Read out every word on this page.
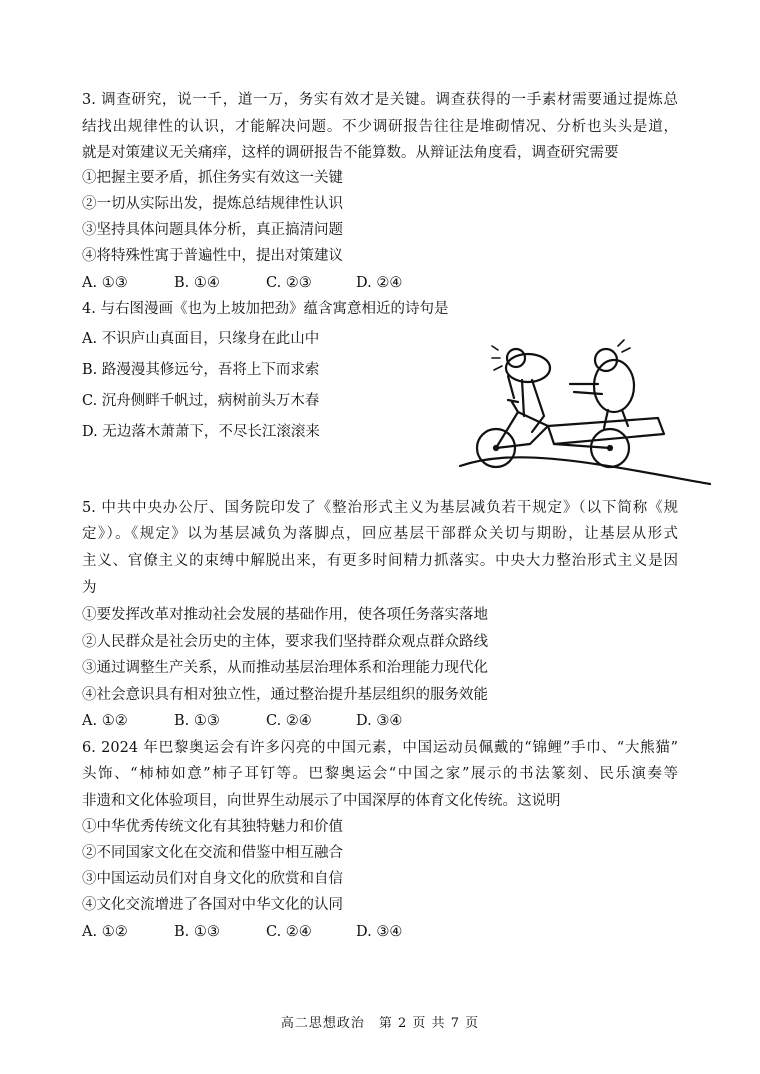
3. 调查研究，说一千，道一万，务实有效才是关键。调查获得的一手素材需要通过提炼总
结找出规律性的认识，才能解决问题。不少调研报告往往是堆砌情况、分析也头头是道，
就是对策建议无关痛痒，这样的调研报告不能算数。从辩证法角度看，调查研究需要
①把握主要矛盾，抓住务实有效这一关键
②一切从实际出发，提炼总结规律性认识
③坚持具体问题具体分析，真正搞清问题
④将特殊性寓于普遍性中，提出对策建议
A. ①③	B. ①④	C. ②③	D. ②④
4. 与右图漫画《也为上坡加把劲》蕴含寓意相近的诗句是
A. 不识庐山真面目，只缘身在此山中
B. 路漫漫其修远兮，吾将上下而求索
C. 沉舟侧畔千帆过，病树前头万木春
D. 无边落木萧萧下，不尽长江滚滚来
5. 中共中央办公厅、国务院印发了《整治形式主义为基层减负若干规定》（以下简称《规
定》）。《规定》以为基层减负为落脚点，回应基层干部群众关切与期盼，让基层从形式
主义、官僚主义的束缚中解脱出来，有更多时间精力抓落实。中央大力整治形式主义是因
为
①要发挥改革对推动社会发展的基础作用，使各项任务落实落地
②人民群众是社会历史的主体，要求我们坚持群众观点群众路线
③通过调整生产关系，从而推动基层治理体系和治理能力现代化
④社会意识具有相对独立性，通过整治提升基层组织的服务效能
A. ①②	B. ①③	C. ②④	D. ③④
6. 2024 年巴黎奥运会有许多闪亮的中国元素，中国运动员佩戴的“锦鲤”手巾、“大熊猫”
头饰、“柿柿如意”柿子耳钉等。巴黎奥运会“中国之家”展示的书法篆刻、民乐演奏等
非遗和文化体验项目，向世界生动展示了中国深厚的体育文化传统。这说明
①中华优秀传统文化有其独特魅力和价值
②不同国家文化在交流和借鉴中相互融合
③中国运动员们对自身文化的欣赏和自信
④文化交流增进了各国对中华文化的认同
A. ①②	B. ①③	C. ②④	D. ③④
高二思想政治　第 2 页 共 7 页
